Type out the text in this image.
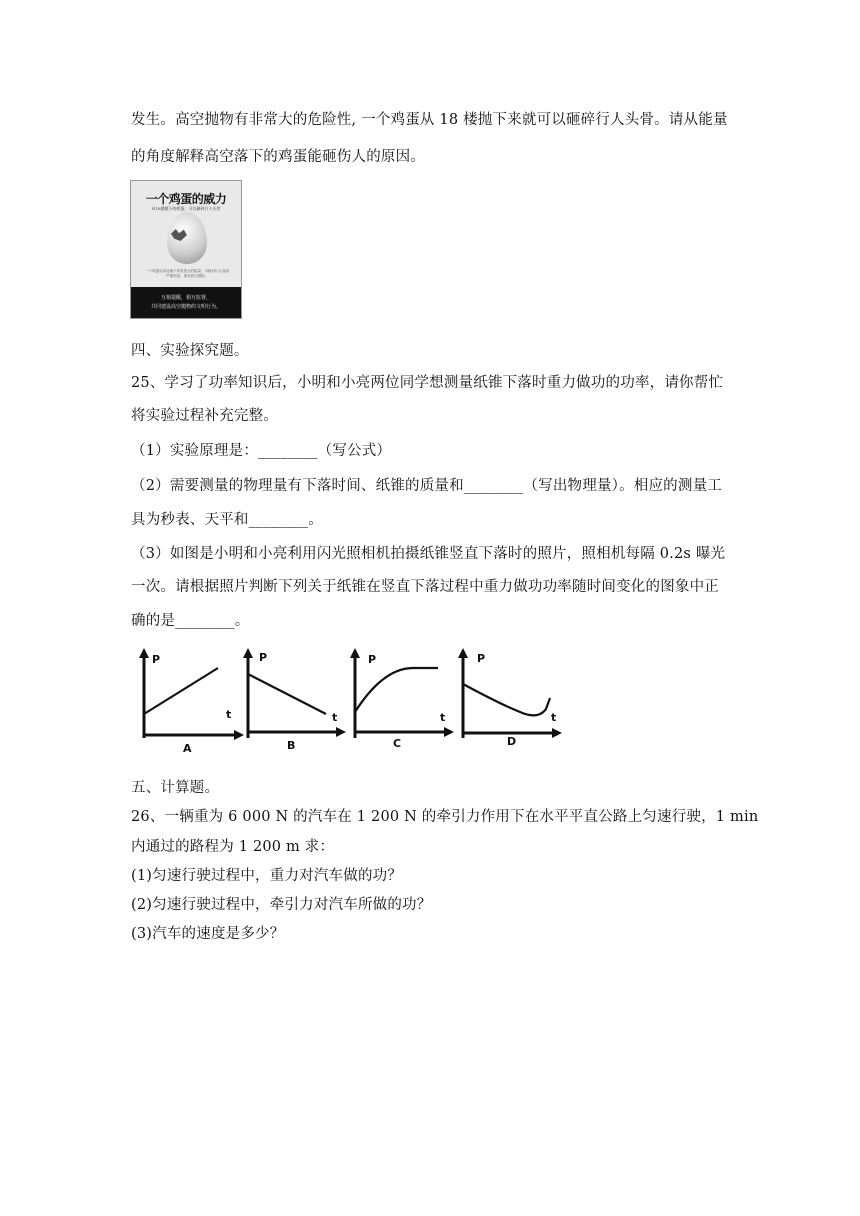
发生。高空抛物有非常大的危险性, 一个鸡蛋从 18 楼抛下来就可以砸碎行人头骨。请从能量
的角度解释高空落下的鸡蛋能砸伤人的原因。
一个鸡蛋的威力
从18楼抛下的鸡蛋，可以砸碎行人头骨
一个鸡蛋从高处落下具有很大的能量，可能对行人造成严重伤害，请勿高空抛物。
互相提醒，相互监督，
共同建设高空抛物的文明行为。
四、实验探究题。
25、学习了功率知识后，小明和小亮两位同学想测量纸锥下落时重力做功的功率，请你帮忙
将实验过程补充完整。
（1）实验原理是：________（写公式）
（2）需要测量的物理量有下落时间、纸锥的质量和________（写出物理量）。相应的测量工
具为秒表、天平和________。
（3）如图是小明和小亮利用闪光照相机拍摄纸锥竖直下落时的照片，照相机每隔 0.2s 曝光
一次。请根据照片判断下列关于纸锥在竖直下落过程中重力做功功率随时间变化的图象中正
确的是________。
P
t
A
P
t
B
P
t
C
P
t
D
五、计算题。
26、一辆重为 6 000 N 的汽车在 1 200 N 的牵引力作用下在水平平直公路上匀速行驶，1 min
内通过的路程为 1 200 m 求：
(1)匀速行驶过程中，重力对汽车做的功？
(2)匀速行驶过程中，牵引力对汽车所做的功？
(3)汽车的速度是多少？
